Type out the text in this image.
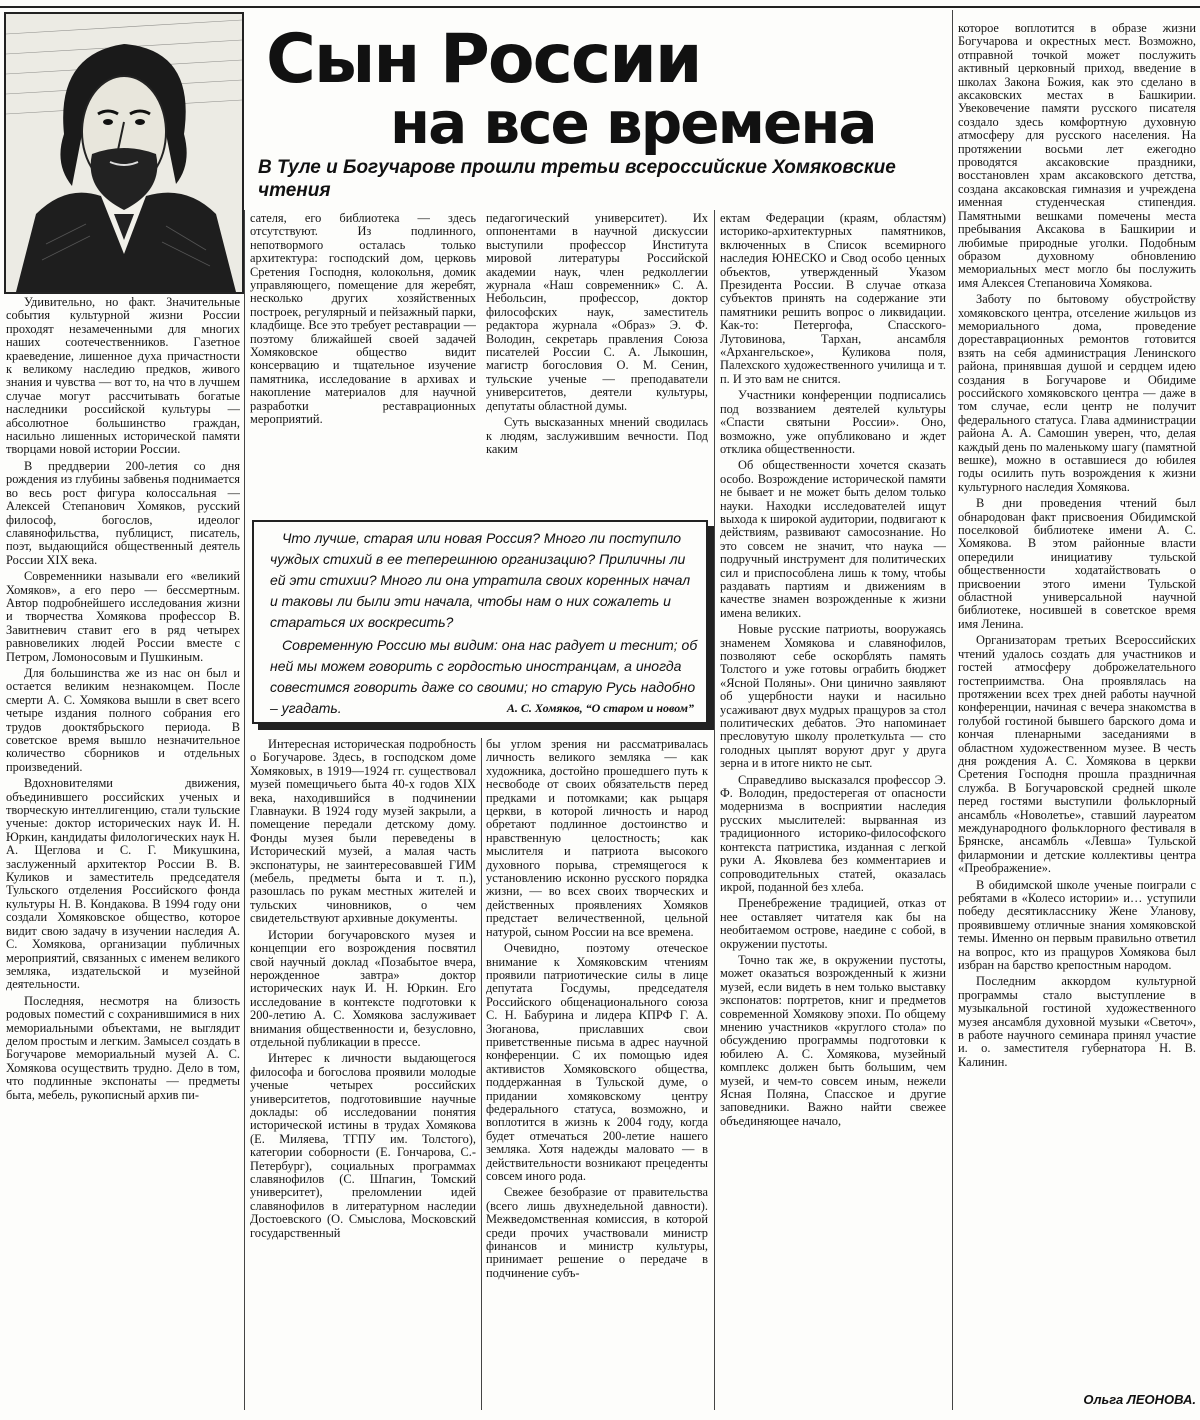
Сын России
на все времена
В Туле и Богучарове прошли третьи всероссийские Хомяковские чтения

Удивительно, но факт. Значительные события культурной жизни России проходят незамеченными для многих наших соотечественников. Газетное краеведение, лишенное духа причастности к великому наследию предков, живого знания и чувства — вот то, на что в лучшем случае могут рассчитывать богатые наследники российской культуры — абсолютное большинство граждан, насильно лишенных исторической памяти творцами новой истории России.

В преддверии 200-летия со дня рождения из глубины забвенья поднимается во весь рост фигура колоссальная — Алексей Степанович Хомяков, русский философ, богослов, идеолог славянофильства, публицист, писатель, поэт, выдающийся общественный деятель России XIX века.

Современники называли его «великий Хомяков», а его перо — бессмертным. Автор подробнейшего исследования жизни и творчества Хомякова профессор В. Завитневич ставит его в ряд четырех равновеликих людей России вместе с Петром, Ломоносовым и Пушкиным.

Для большинства же из нас он был и остается великим незнакомцем. После смерти А. С. Хомякова вышли в свет всего четыре издания полного собрания его трудов дооктябрьского периода. В советское время вышло незначительное количество сборников и отдельных произведений.

Вдохновителями движения, объединившего российских ученых и творческую интеллигенцию, стали тульские ученые: доктор исторических наук И. Н. Юркин, кандидаты филологических наук Н. А. Щеглова и С. Г. Микушкина, заслуженный архитектор России В. В. Куликов и заместитель председателя Тульского отделения Российского фонда культуры Н. В. Кондакова. В 1994 году они создали Хомяковское общество, которое видит свою задачу в изучении наследия А. С. Хомякова, организации публичных мероприятий, связанных с именем великого земляка, издательской и музейной деятельности.

Последняя, несмотря на близость родовых поместий с сохранившимися в них мемориальными объектами, не выглядит делом простым и легким. Замысел создать в Богучарове мемориальный музей А. С. Хомякова осуществить трудно. Дело в том, что подлинные экспонаты — предметы быта, мебель, рукописный архив пи-

сателя, его библиотека — здесь отсутствуют. Из подлинного, непотвормого осталась только архитектура: господский дом, церковь Сретения Господня, колокольня, домик управляющего, помещение для жеребят, несколько других хозяйственных построек, регулярный и пейзажный парки, кладбище. Все это требует реставрации — поэтому ближайшей своей задачей Хомяковское общество видит консервацию и тщательное изучение памятника, исследование в архивах и накопление материалов для научной разработки реставрационных мероприятий.

педагогический университет). Их оппонентами в научной дискуссии выступили профессор Института мировой литературы Российской академии наук, член редколлегии журнала «Наш современник» С. А. Небольсин, профессор, доктор философских наук, заместитель редактора журнала «Образ» Э. Ф. Володин, секретарь правления Союза писателей России С. А. Лыкошин, магистр богословия О. М. Сенин, тульские ученые — преподаватели университетов, деятели культуры, депутаты областной думы.

Суть высказанных мнений сводилась к людям, заслужившим вечности. Под каким

Что лучше, старая или новая Россия? Много ли поступило чуждых стихий в ее теперешнюю организацию? Приличны ли ей эти стихии? Много ли она утратила своих коренных начал и таковы ли были эти начала, чтобы нам о них сожалеть и стараться их воскресить?

Современную Россию мы видим: она нас радует и теснит; об ней мы можем говорить с гордостью иностранцам, а иногда совестимся говорить даже со своими; но старую Русь надобно – угадать.	А. С. Хомяков, “О старом и новом”

Интересная историческая подробность о Богучарове. Здесь, в господском доме Хомяковых, в 1919—1924 гг. существовал музей помещичьего быта 40-х годов XIX века, находившийся в подчинении Главнауки. В 1924 году музей закрыли, а помещение передали детскому дому. Фонды музея были переведены в Исторический музей, а малая часть экспонатуры, не заинтересовавшей ГИМ (мебель, предметы быта и т. п.), разошлась по рукам местных жителей и тульских чиновников, о чем свидетельствуют архивные документы.

Истории богучаровского музея и концепции его возрождения посвятил свой научный доклад «Позабытое вчера, нерожденное завтра» доктор исторических наук И. Н. Юркин. Его исследование в контексте подготовки к 200-летию А. С. Хомякова заслуживает внимания общественности и, безусловно, отдельной публикации в прессе.

Интерес к личности выдающегося философа и богослова проявили молодые ученые четырех российских университетов, подготовившие научные доклады: об исследовании понятия исторической истины в трудах Хомякова (Е. Миляева, ТГПУ им. Толстого), категории соборности (Е. Гончарова, С.-Петербург), социальных программах славянофилов (С. Шпагин, Томский университет), преломлении идей славянофилов в литературном наследии Достоевского (О. Смыслова, Московский государственный

бы углом зрения ни рассматривалась личность великого земляка — как художника, достойно прошедшего путь к несвободе от своих обязательств перед предками и потомками; как рыцаря церкви, в которой личность и народ обретают подлинное достоинство и нравственную целостность; как мыслителя и патриота высокого духовного порыва, стремящегося к установлению исконно русского порядка жизни, — во всех своих творческих и действенных проявлениях Хомяков предстает величественной, цельной натурой, сыном России на все времена.

Очевидно, поэтому отечеcкое внимание к Хомяковским чтениям проявили патриотические силы в лице депутата Госдумы, председателя Российского общенационального союза С. Н. Бабурина и лидера КПРФ Г. А. Зюганова, приславших свои приветственные письма в адрес научной конференции. С их помощью идея активистов Хомяковского общества, поддержанная в Тульской думе, о придании хомяковскому центру федерального статуса, возможно, и воплотится в жизнь к 2004 году, когда будет отмечаться 200-летие нашего земляка. Хотя надежды маловато — в действительности возникают прецеденты совсем иного рода.

Свежее безобразие от правительства (всего лишь двухнедельной давности). Межведомственная комиссия, в которой среди прочих участвовали министр финансов и министр культуры, принимает решение о передаче в подчинение субъ-

ектам Федерации (краям, областям) историко-архитектурных памятников, включенных в Список всемирного наследия ЮНЕСКО и Свод особо ценных объектов, утвержденный Указом Президента России. В случае отказа субъектов принять на содержание эти памятники решить вопрос о ликвидации. Как-то: Петергофа, Спасского-Лутовинова, Тархан, ансамбля «Архангельское», Куликова поля, Палехского художественного училища и т. п. И это вам не снится.

Участники конференции подписались под воззванием деятелей культуры «Спасти святыни России». Оно, возможно, уже опубликовано и ждет отклика общественности.

Об общественности хочется сказать особо. Возрождение исторической памяти не бывает и не может быть делом только науки. Находки исследователей ищут выхода к широкой аудитории, подвигают к действиям, развивают самосознание. Но это совсем не значит, что наука — подручный инструмент для политических сил и приспособлена лишь к тому, чтобы раздавать партиям и движениям в качестве знамен возрожденные к жизни имена великих.

Новые русские патриоты, вооружаясь знаменем Хомякова и славянофилов, позволяют себе оскорблять память Толстого и уже готовы ограбить бюджет «Ясной Поляны». Они цинично заявляют об ущербности науки и насильно усаживают двух мудрых пращуров за стол политических дебатов. Это напоминает пресловутую школу пролеткульта — сто голодных цыплят воруют друг у друга зерна и в итоге никто не сыт.

Справедливо высказался профессор Э. Ф. Володин, предостерегая от опасности модернизма в восприятии наследия русских мыслителей: вырванная из традиционного историко-философского контекста патристика, изданная с легкой руки А. Яковлева без комментариев и сопроводительных статей, оказалась икрой, поданной без хлеба.

Пренебрежение традицией, отказ от нее оставляет читателя как бы на необитаемом острове, наедине с собой, в окружении пустоты.

Точно так же, в окружении пустоты, может оказаться возрожденный к жизни музей, если видеть в нем только выставку экспонатов: портретов, книг и предметов современной Хомякову эпохи. По общему мнению участников «круглого стола» по обсуждению программы подготовки к юбилею А. С. Хомякова, музейный комплекс должен быть большим, чем музей, и чем-то совсем иным, нежели Ясная Поляна, Спасское и другие заповедники. Важно найти свежее объединяющее начало,

которое воплотится в образе жизни Богучарова и окрестных мест. Возможно, отправной точкой может послужить активный церковный приход, введение в школах Закона Божия, как это сделано в аксаковских местах в Башкирии. Увековечение памяти русского писателя создало здесь комфортную духовную атмосферу для русского населения. На протяжении восьми лет ежегодно проводятся аксаковские праздники, восстановлен храм аксаковского детства, создана аксаковская гимназия и учреждена именная студенческая стипендия. Памятными вешками помечены места пребывания Аксакова в Башкирии и любимые природные уголки. Подобным образом духовному обновлению мемориальных мест могло бы послужить имя Алексея Степановича Хомякова.

Заботу по бытовому обустройству хомяковского центра, отселение жильцов из мемориального дома, проведение дореставрационных ремонтов готовится взять на себя администрация Ленинского района, принявшая душой и сердцем идею создания в Богучарове и Обидиме российского хомяковского центра — даже в том случае, если центр не получит федерального статуса. Глава администрации района А. А. Самошин уверен, что, делая каждый день по маленькому шагу (памятной вешке), можно в оставшиеся до юбилея годы осилить путь возрождения к жизни культурного наследия Хомякова.

В дни проведения чтений был обнародован факт присвоения Обидимской поселковой библиотеке имени А. С. Хомякова. В этом районные власти опередили инициативу тульской общественности ходатайствовать о присвоении этого имени Тульской областной универсальной научной библиотеке, носившей в советское время имя Ленина.

Организаторам третьих Всероссийских чтений удалось создать для участников и гостей атмосферу доброжелательного гостеприимства. Она проявлялась на протяжении всех трех дней работы научной конференции, начиная с вечера знакомства в голубой гостиной бывшего барского дома и кончая пленарными заседаниями в областном художественном музее. В честь дня рождения А. С. Хомякова в церкви Сретения Господня прошла праздничная служба. В Богучаровской средней школе перед гостями выступили фольклорный ансамбль «Новолетье», ставший лауреатом международного фольклорного фестиваля в Брянске, ансамбль «Левша» Тульской филармонии и детские коллективы центра «Преображение».

В обидимской школе ученые поиграли с ребятами в «Колесо истории» и… уступили победу десятикласснику Жене Улановy, проявившему отличные знания хомяковской темы. Именно он первым правильно ответил на вопрос, кто из пращуров Хомякова был избран на барство крепостным народом.

Последним аккордом культурной программы стало выступление в музыкальной гостиной художественного музея ансамбля духовной музыки «Светоч», в работе научного семинара принял участие и. о. заместителя губернатора Н. В. Калинин.

Ольга ЛЕОНОВА.
